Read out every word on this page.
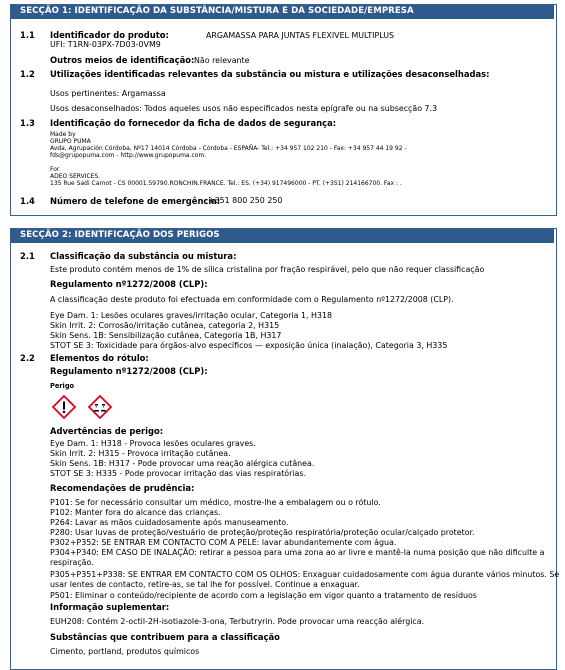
SECÇÃO 1: IDENTIFICAÇÃO DA SUBSTÂNCIA/MISTURA E DA SOCIEDADE/EMPRESA
1.1 Identificador do produto:	ARGAMASSA PARA JUNTAS FLEXIVEL MULTIPLUS
UFI: T1RN-03PX-7D03-0VM9
Outros meios de identificação: Não relevante
1.2 Utilizações identificadas relevantes da substância ou mistura e utilizações desaconselhadas:
Usos pertinentes: Argamassa
Usos desaconselhados: Todos aqueles usos não especificados nesta epígrafe ou na subsecção 7.3
1.3 Identificação do fornecedor da ficha de dados de segurança:
Made by
GRUPO PUMA
Avda. Agrupación Córdoba, Nº17 14014 Córdoba - Córdoba - ESPAÑA- Tel.: +34 957 102 210 - Fax: +34 957 44 19 92 -
fds@grupopuma.com - http://www.grupopuma.com.
For
ADEO SERVICES.
135 Rue Sadi Carnot - CS 00001.59790.RONCHIN.FRANCE. Tel.: ES. (+34) 917496000 - PT. (+351) 214166700. Fax : .
1.4 Número de telefone de emergência:
+351 800 250 250
SECÇÃO 2: IDENTIFICAÇÃO DOS PERIGOS
2.1 Classificação da substância ou mistura:
Este produto contém menos de 1% de sílica cristalina por fração respirável, pelo que não requer classificação
Regulamento nº1272/2008 (CLP):
A classificação deste produto foi efectuada em conformidade com o Regulamento nº1272/2008 (CLP).
Eye Dam. 1: Lesões oculares graves/irritação ocular, Categoria 1, H318
Skin Irrit. 2: Corrosão/irritação cutânea, categoria 2, H315
Skin Sens. 1B: Sensibilização cutânea, Categoria 1B, H317
STOT SE 3: Toxicidade para órgãos-alvo específicos — exposição única (inalação), Categoria 3, H335
2.2 Elementos do rótulo:
Regulamento nº1272/2008 (CLP):
Perigo
Advertências de perigo:
Eye Dam. 1: H318 - Provoca lesões oculares graves.
Skin Irrit. 2: H315 - Provoca irritação cutânea.
Skin Sens. 1B: H317 - Pode provocar uma reação alérgica cutânea.
STOT SE 3: H335 - Pode provocar irritação das vias respiratórias.
Recomendações de prudência:
P101: Se for necessário consultar um médico, mostre-lhe a embalagem ou o rótulo.
P102: Manter fora do alcance das crianças.
P264: Lavar as mãos cuidadosamente após manuseamento.
P280: Usar luvas de proteção/vestuário de proteção/proteção respiratória/proteção ocular/calçado protetor.
P302+P352: SE ENTRAR EM CONTACTO COM A PELE: lavar abundantemente com água.
P304+P340: EM CASO DE INALAÇÃO: retirar a pessoa para uma zona ao ar livre e mantê-la numa posição que não dificulte a
respiração.
P305+P351+P338: SE ENTRAR EM CONTACTO COM OS OLHOS: Enxaguar cuidadosamente com água durante vários minutos. Se
usar lentes de contacto, retire-as, se tal lhe for possível. Continue a enxaguar.
P501: Eliminar o conteúdo/recipiente de acordo com a legislação em vigor quanto a tratamento de resíduos
Informação suplementar:
EUH208: Contém 2-octil-2H-isotiazole-3-ona, Terbutryrin. Pode provocar uma reacção alérgica.
Substâncias que contribuem para a classificação
Cimento, portland, produtos químicos
